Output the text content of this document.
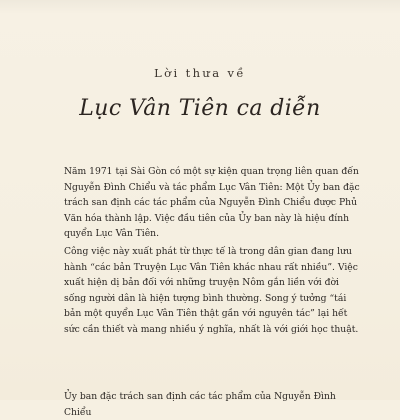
Lời thưa về
Lục Vân Tiên ca diễn

Năm 1971 tại Sài Gòn có một sự kiện quan trọng liên quan đến Nguyễn Đình Chiểu và tác phẩm Lục Vân Tiên: Một Ủy ban đặc trách san định các tác phẩm của Nguyễn Đình Chiểu được Phủ Văn hóa thành lập. Việc đầu tiên của Ủy ban này là hiệu đính quyển Lục Vân Tiên.

Công việc này xuất phát từ thực tế là trong dân gian đang lưu hành “các bản Truyện Lục Vân Tiên khác nhau rất nhiều”. Việc xuất hiện dị bản đối với những truyện Nôm gắn liền với đời sống người dân là hiện tượng bình thường. Song ý tưởng “tái bản một quyển Lục Vân Tiên thật gần với nguyên tác” lại hết sức cần thiết và mang nhiều ý nghĩa, nhất là với giới học thuật.

Ủy ban đặc trách san định các tác phẩm của Nguyễn Đình Chiểu
